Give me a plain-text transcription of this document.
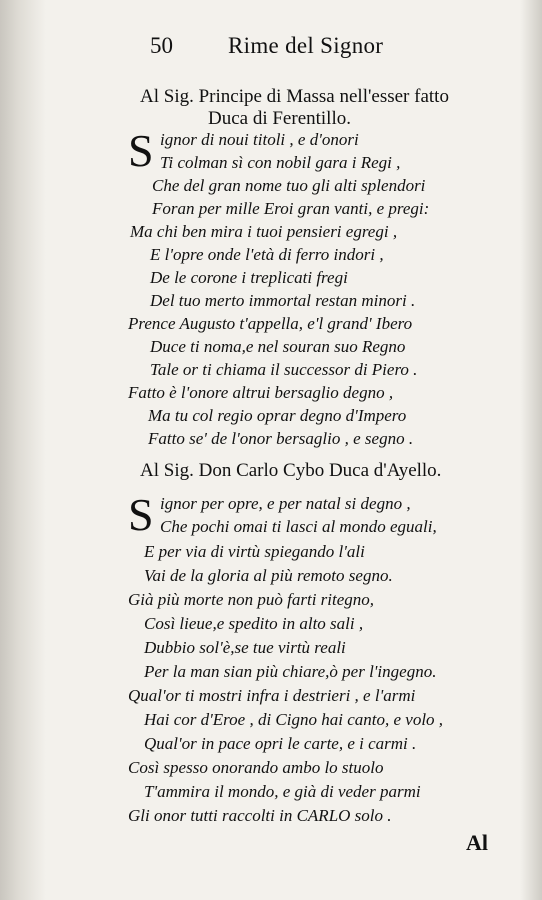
50 Rime del Signor
Al Sig. Principe di Massa nell'esser fatto
Duca di Ferentillo.
S ignor di noui titoli , e d'onori
Ti colman sì con nobil gara i Regi ,
Che del gran nome tuo gli alti splendori
Foran per mille Eroi gran vanti, e pregi:
Ma chi ben mira i tuoi pensieri egregi ,
E l'opre onde l'età di ferro indori ,
De le corone i treplicati fregi
Del tuo merto immortal restan minori .
Prence Augusto t'appella, e'l grand' Ibero
Duce ti noma,e nel souran suo Regno
Tale or ti chiama il successor di Piero .
Fatto è l'onore altrui bersaglio degno ,
Ma tu col regio oprar degno d'Impero
Fatto se' de l'onor bersaglio , e segno .
Al Sig. Don Carlo Cybo Duca d'Ayello.
S ignor per opre, e per natal si degno ,
Che pochi omai ti lasci al mondo eguali,
E per via di virtù spiegando l'ali
Vai de la gloria al più remoto segno.
Già più morte non può farti ritegno,
Così lieue,e spedito in alto sali ,
Dubbio sol'è,se tue virtù reali
Per la man sian più chiare,ò per l'ingegno.
Qual'or ti mostri infra i destrieri , e l'armi
Hai cor d'Eroe , di Cigno hai canto, e volo ,
Qual'or in pace opri le carte, e i carmi .
Così spesso onorando ambo lo stuolo
T'ammira il mondo, e già di veder parmi
Gli onor tutti raccolti in CARLO solo .
Al
